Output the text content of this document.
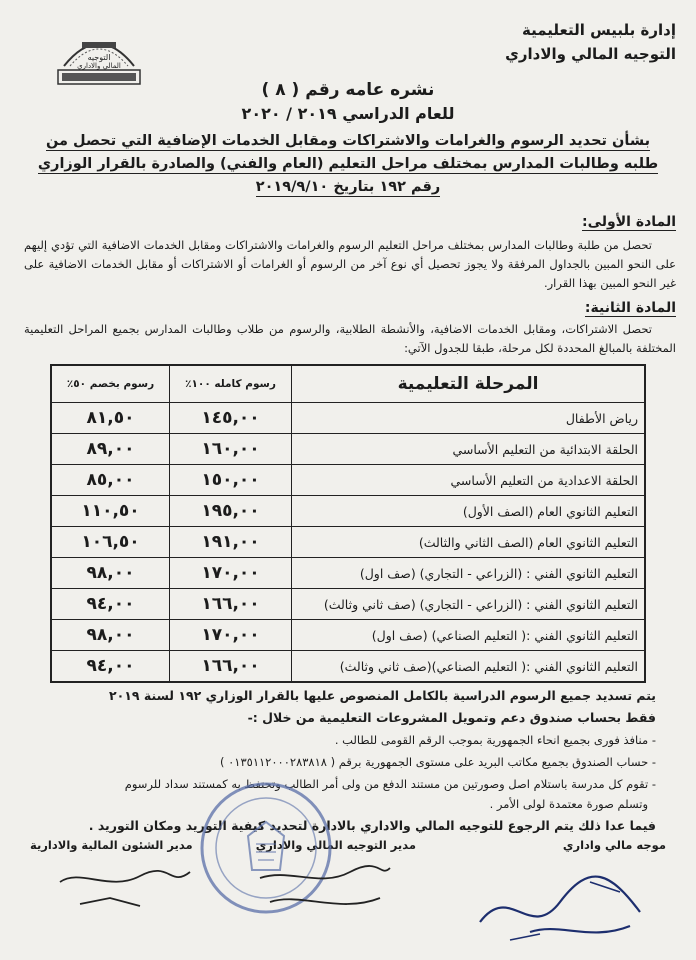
إدارة بلبيس التعليمية
التوجيه المالي والاداري
التوجيه
المالي والاداري
نشره عامه رقم ( ٨ )
للعام الدراسي ٢٠١٩ / ٢٠٢٠
بشأن تحديد الرسوم والغرامات والاشتراكات ومقابل الخدمات الإضافية التي تحصل من
طلبه وطالبات المدارس بمختلف مراحل التعليم (العام والفني) والصادرة بالقرار الوزاري
رقم ١٩٢ بتاريخ ٢٠١٩/٩/١٠
المادة الأولى:
تحصل من طلبة وطالبات المدارس بمختلف مراحل التعليم الرسوم والغرامات والاشتراكات ومقابل الخدمات الاضافية التي تؤدي إليهم على النحو المبين بالجداول المرفقة ولا يجوز تحصيل أي نوع آخر من الرسوم أو الغرامات أو الاشتراكات أو مقابل الخدمات الاضافية على غير النحو المبين بهذا القرار.
المادة الثانية:
تحصل الاشتراكات، ومقابل الخدمات الاضافية، والأنشطة الطلابية، والرسوم من طلاب وطالبات المدارس بجميع المراحل التعليمية المختلفة بالمبالغ المحددة لكل مرحلة، طبقا للجدول الآتي:
المرحلة التعليمية	رسوم كامله ١٠٠٪	رسوم بخصم ٥٠٪
رياض الأطفال	١٤٥,٠٠	٨١,٥٠
الحلقة الابتدائية من التعليم الأساسي	١٦٠,٠٠	٨٩,٠٠
الحلقة الاعدادية من التعليم الأساسي	١٥٠,٠٠	٨٥,٠٠
التعليم الثانوي العام (الصف الأول)	١٩٥,٠٠	١١٠,٥٠
التعليم الثانوي العام (الصف الثاني والثالث)	١٩١,٠٠	١٠٦,٥٠
التعليم الثانوي الفني : (الزراعي - التجاري) (صف اول)	١٧٠,٠٠	٩٨,٠٠
التعليم الثانوي الفني : (الزراعي - التجاري) (صف ثاني وثالث)	١٦٦,٠٠	٩٤,٠٠
التعليم الثانوي الفني :( التعليم الصناعي) (صف اول)	١٧٠,٠٠	٩٨,٠٠
التعليم الثانوي الفني :( التعليم الصناعي)(صف ثاني وثالث)	١٦٦,٠٠	٩٤,٠٠
يتم تسديد جميع الرسوم الدراسية بالكامل المنصوص عليها بالقرار الوزاري ١٩٢ لسنة ٢٠١٩
فقط بحساب صندوق دعم وتمويل المشروعات التعليمية من خلال :-
- منافذ فورى بجميع انحاء الجمهورية بموجب الرقم القومى للطالب .
- حساب الصندوق بجميع مكاتب البريد على مستوى الجمهورية برقم ( ٠١٣٥١١٢٠٠٠٢٨٣٨١٨ )
- تقوم كل مدرسة باستلام اصل وصورتين من مستند الدفع من ولى أمر الطالب وتحتفظ به كمستند سداد للرسوم
وتسلم صورة معتمدة لولى الأمر .
فيما عدا ذلك يتم الرجوع للتوجيه المالي والاداري بالادارة لتحديد كيفية التوريد ومكان التوريد .
موجه مالي واداري
مدير التوجيه المالي والاداري
مدير الشئون المالية والادارية
